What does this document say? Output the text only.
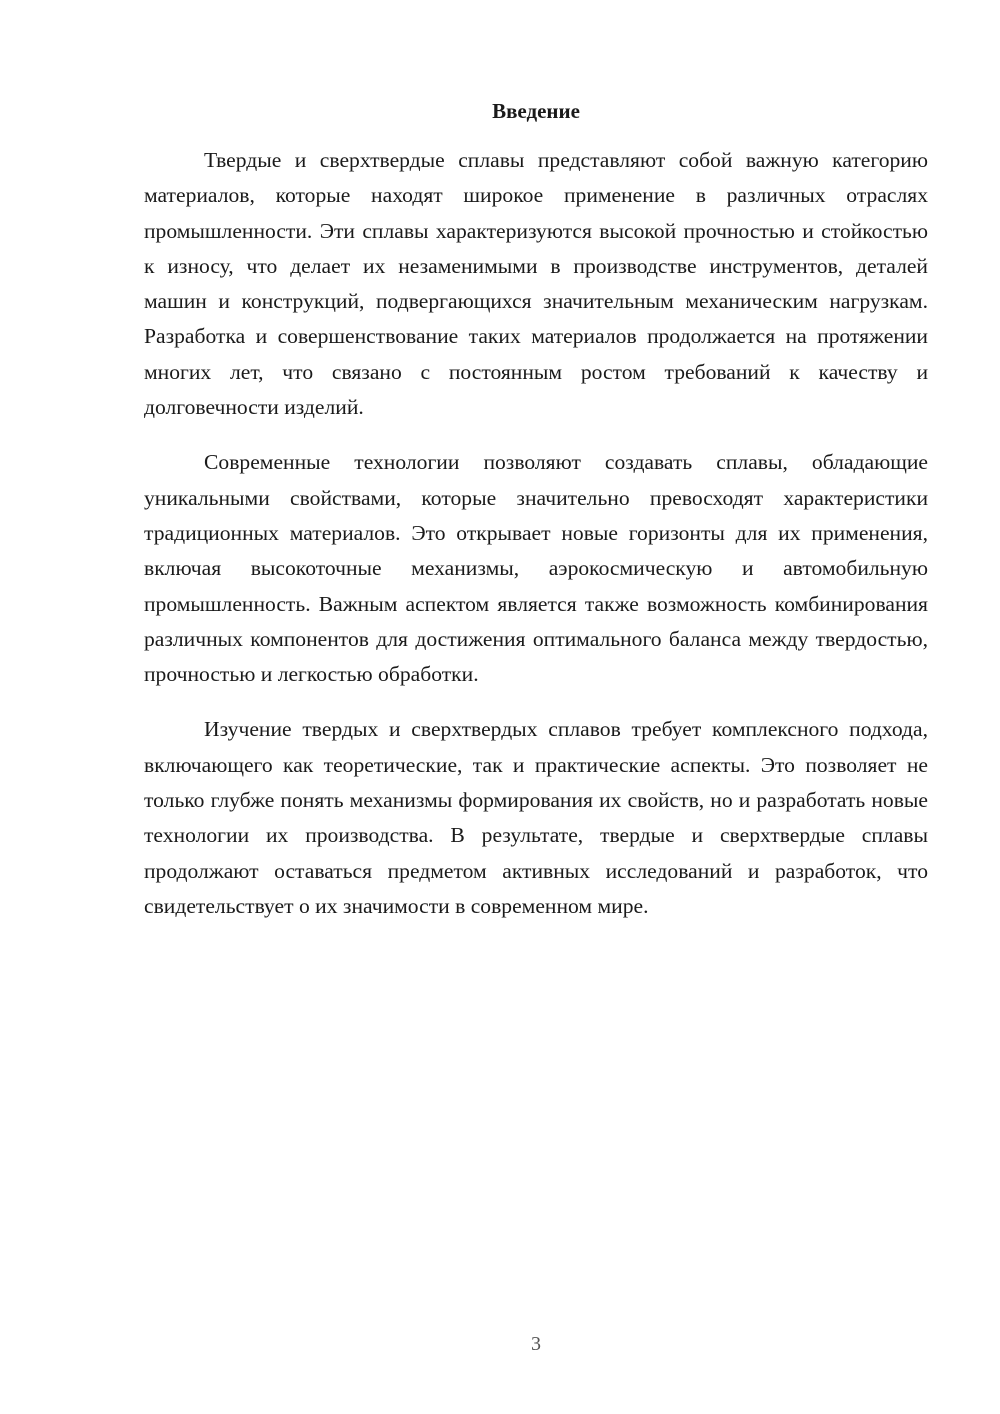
Введение

Твердые и сверхтвердые сплавы представляют собой важную категорию материалов, которые находят широкое применение в различных отраслях промышленности. Эти сплавы характеризуются высокой прочностью и стойкостью к износу, что делает их незаменимыми в производстве инструментов, деталей машин и конструкций, подвергающихся значительным механическим нагрузкам. Разработка и совершенствование таких материалов продолжается на протяжении многих лет, что связано с постоянным ростом требований к качеству и долговечности изделий.

Современные технологии позволяют создавать сплавы, обладающие уникальными свойствами, которые значительно превосходят характеристики традиционных материалов. Это открывает новые горизонты для их применения, включая высокоточные механизмы, аэрокосмическую и автомобильную промышленность. Важным аспектом является также возможность комбинирования различных компонентов для достижения оптимального баланса между твердостью, прочностью и легкостью обработки.

Изучение твердых и сверхтвердых сплавов требует комплексного подхода, включающего как теоретические, так и практические аспекты. Это позволяет не только глубже понять механизмы формирования их свойств, но и разработать новые технологии их производства. В результате, твердые и сверхтвердые сплавы продолжают оставаться предметом активных исследований и разработок, что свидетельствует о их значимости в современном мире.

3
